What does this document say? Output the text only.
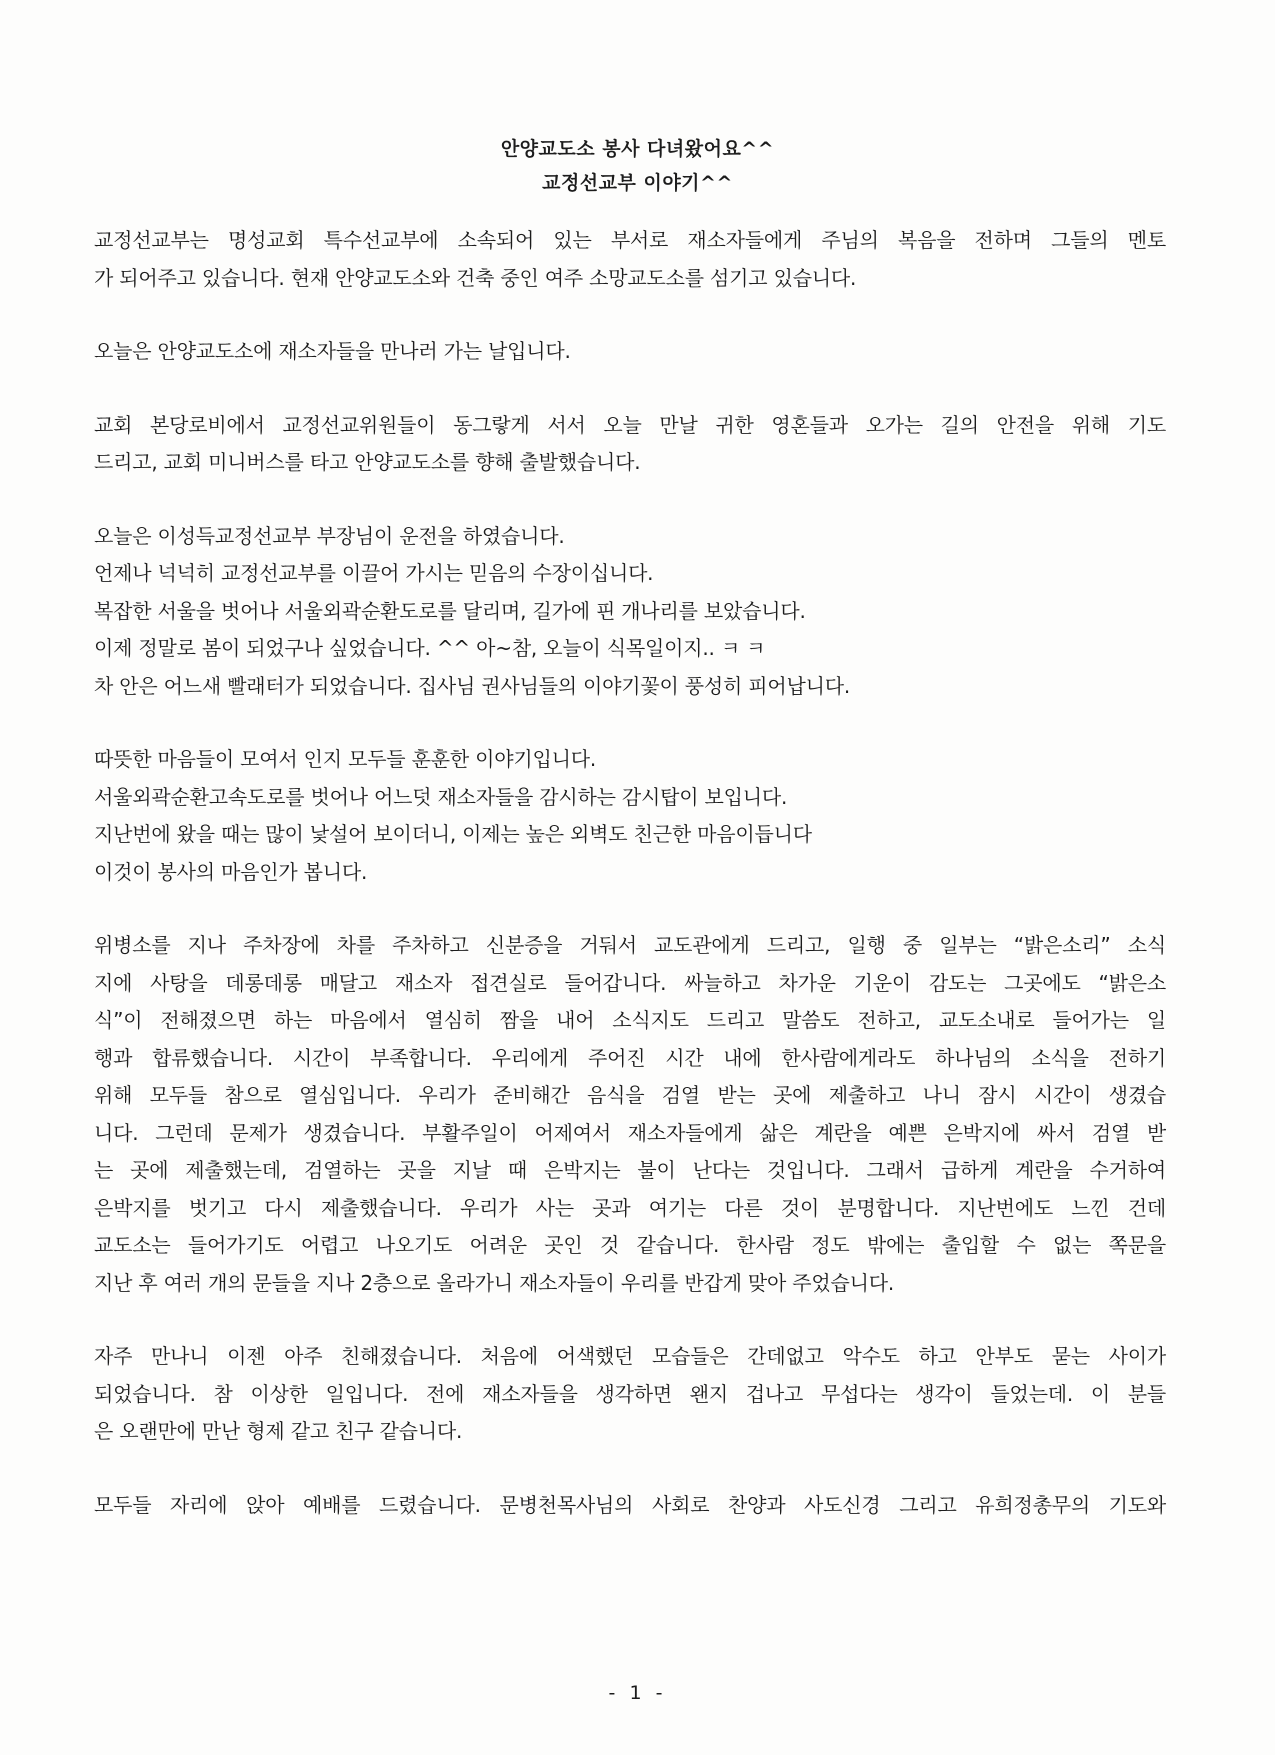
안양교도소 봉사 다녀왔어요^^
교정선교부 이야기^^

교정선교부는 명성교회 특수선교부에 소속되어 있는 부서로 재소자들에게 주님의 복음을 전하며 그들의 멘토
가 되어주고 있습니다. 현재 안양교도소와 건축 중인 여주 소망교도소를 섬기고 있습니다.

오늘은 안양교도소에 재소자들을 만나러 가는 날입니다.

교회 본당로비에서 교정선교위원들이 동그랗게 서서 오늘 만날 귀한 영혼들과 오가는 길의 안전을 위해 기도
드리고, 교회 미니버스를 타고 안양교도소를 향해 출발했습니다.

오늘은 이성득교정선교부 부장님이 운전을 하였습니다.
언제나 넉넉히 교정선교부를 이끌어 가시는 믿음의 수장이십니다.
복잡한 서울을 벗어나 서울외곽순환도로를 달리며, 길가에 핀 개나리를 보았습니다.
이제 정말로 봄이 되었구나 싶었습니다. ^^ 아~참, 오늘이 식목일이지.. ㅋ ㅋ
차 안은 어느새 빨래터가 되었습니다. 집사님 권사님들의 이야기꽃이 풍성히 피어납니다.

따뜻한 마음들이 모여서 인지 모두들 훈훈한 이야기입니다.
서울외곽순환고속도로를 벗어나 어느덧 재소자들을 감시하는 감시탑이 보입니다.
지난번에 왔을 때는 많이 낯설어 보이더니, 이제는 높은 외벽도 친근한 마음이듭니다
이것이 봉사의 마음인가 봅니다.

위병소를 지나 주차장에 차를 주차하고 신분증을 거둬서 교도관에게 드리고, 일행 중 일부는 “밝은소리” 소식
지에 사탕을 데롱데롱 매달고 재소자 접견실로 들어갑니다. 싸늘하고 차가운 기운이 감도는 그곳에도 “밝은소
식”이 전해졌으면 하는 마음에서 열심히 짬을 내어 소식지도 드리고 말씀도 전하고, 교도소내로 들어가는 일
행과 합류했습니다. 시간이 부족합니다. 우리에게 주어진 시간 내에 한사람에게라도 하나님의 소식을 전하기
위해 모두들 참으로 열심입니다. 우리가 준비해간 음식을 검열 받는 곳에 제출하고 나니 잠시 시간이 생겼습
니다. 그런데 문제가 생겼습니다. 부활주일이 어제여서 재소자들에게 삶은 계란을 예쁜 은박지에 싸서 검열 받
는 곳에 제출했는데, 검열하는 곳을 지날 때 은박지는 불이 난다는 것입니다. 그래서 급하게 계란을 수거하여
은박지를 벗기고 다시 제출했습니다. 우리가 사는 곳과 여기는 다른 것이 분명합니다. 지난번에도 느낀 건데
교도소는 들어가기도 어렵고 나오기도 어려운 곳인 것 같습니다. 한사람 정도 밖에는 출입할 수 없는 쪽문을
지난 후 여러 개의 문들을 지나 2층으로 올라가니 재소자들이 우리를 반갑게 맞아 주었습니다.

자주 만나니 이젠 아주 친해졌습니다. 처음에 어색했던 모습들은 간데없고 악수도 하고 안부도 묻는 사이가
되었습니다. 참 이상한 일입니다. 전에 재소자들을 생각하면 왠지 겁나고 무섭다는 생각이 들었는데. 이 분들
은 오랜만에 만난 형제 같고 친구 같습니다.

모두들 자리에 앉아 예배를 드렸습니다. 문병천목사님의 사회로 찬양과 사도신경 그리고 유희정총무의 기도와

- 1 -
